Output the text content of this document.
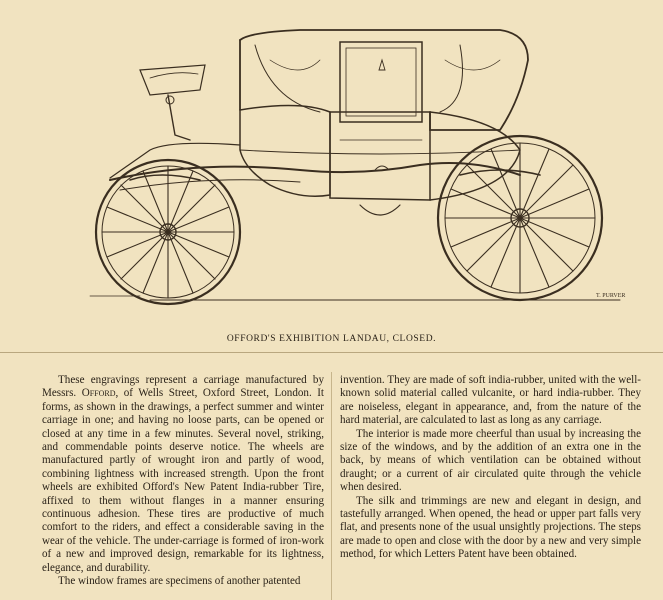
T. PURVER
OFFORD'S EXHIBITION LANDAU, CLOSED.

These engravings represent a carriage manufactured by Messrs. Offord, of Wells Street, Oxford Street, London. It forms, as shown in the drawings, a perfect summer and winter carriage in one; and having no loose parts, can be opened or closed at any time in a few minutes. Several novel, striking, and commendable points deserve notice. The wheels are manufactured partly of wrought iron and partly of wood, combining lightness with increased strength. Upon the front wheels are exhibited Offord's New Patent India-rubber Tire, affixed to them without flanges in a manner ensuring continuous adhesion. These tires are productive of much comfort to the riders, and effect a considerable saving in the wear of the vehicle. The under-carriage is formed of iron-work of a new and improved design, remarkable for its lightness, elegance, and durability.

The window frames are specimens of another patented

invention. They are made of soft india-rubber, united with the well-known solid material called vulcanite, or hard india-rubber. They are noiseless, elegant in appearance, and, from the nature of the hard material, are calculated to last as long as any carriage.

The interior is made more cheerful than usual by increasing the size of the windows, and by the addition of an extra one in the back, by means of which ventilation can be obtained without draught; or a current of air circulated quite through the vehicle when desired.

The silk and trimmings are new and elegant in design, and tastefully arranged. When opened, the head or upper part falls very flat, and presents none of the usual unsightly projections. The steps are made to open and close with the door by a new and very simple method, for which Letters Patent have been obtained.
